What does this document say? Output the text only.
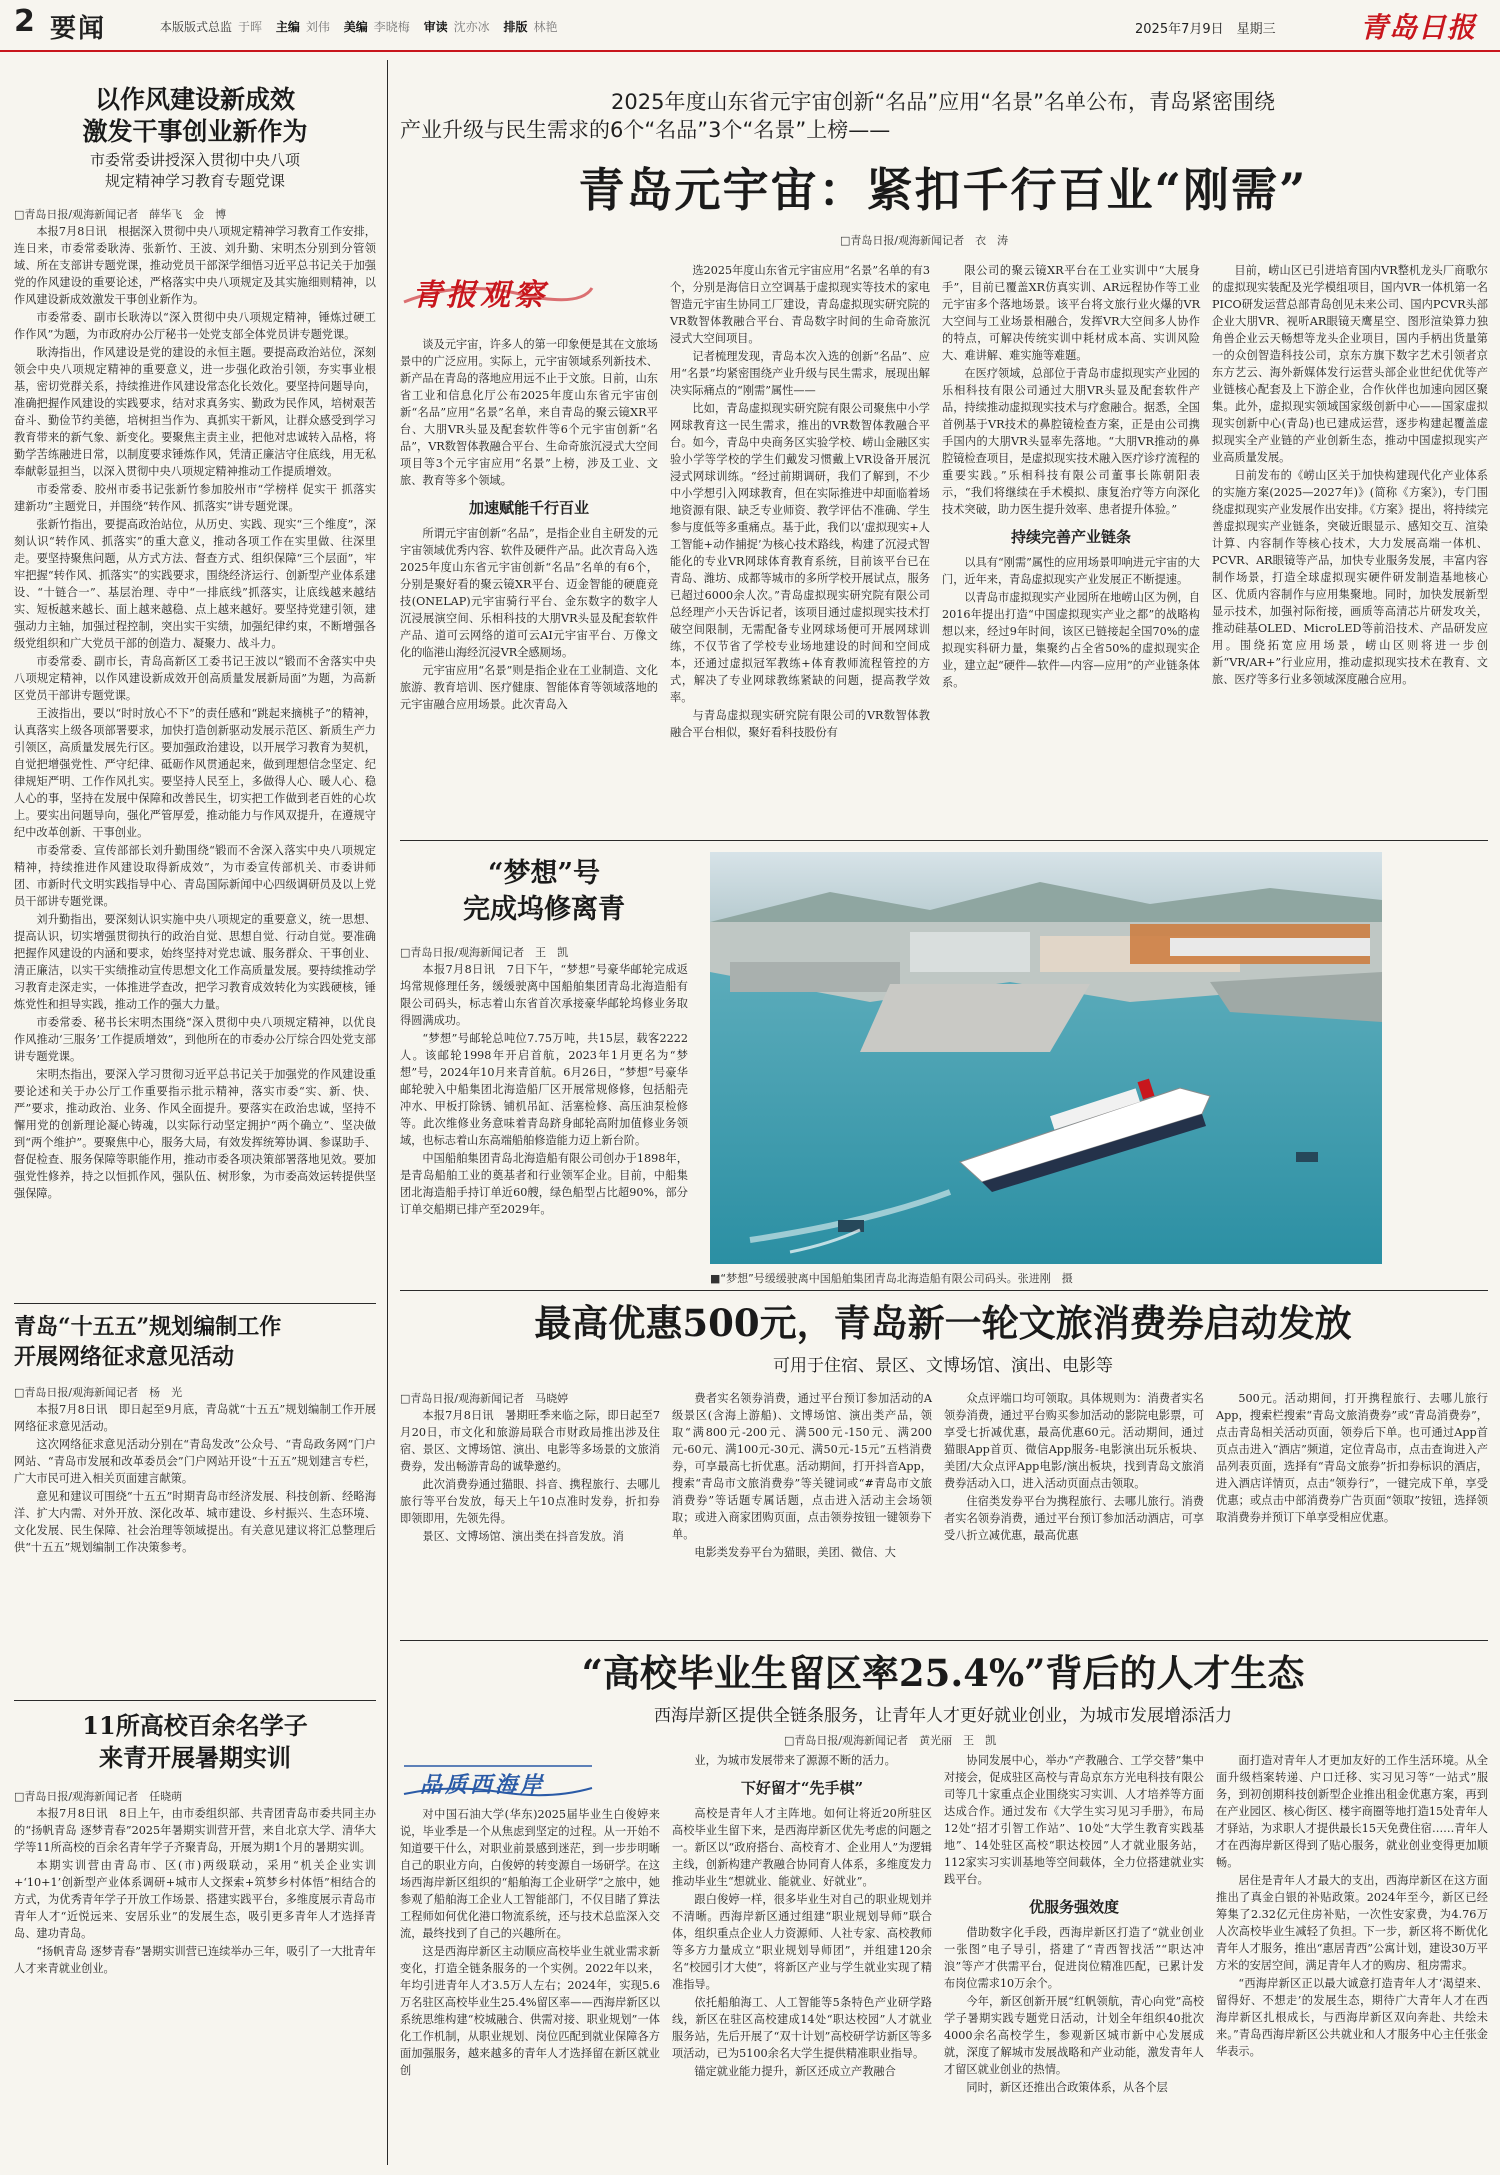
2 要闻	本版版式总监 于晖 主编 刘伟 美编 李晓梅 审读 沈亦冰 排版 林艳	2025年7月9日　 星期三	青岛日报
以作风建设新成效
激发干事创业新作为
市委常委讲授深入贯彻中央八项
规定精神学习教育专题党课
□青岛日报/观海新闻记者　薛华飞　金　博
本报7月8日讯　根据深入贯彻中央八项规定精神学习教育工作安排，连日来，市委常委耿涛、张新竹、王波、刘升勤、宋明杰分别到分管领域、所在支部讲专题党课，推动党员干部深学细悟习近平总书记关于加强党的作风建设的重要论述，严格落实中央八项规定及其实施细则精神，以作风建设新成效激发干事创业新作为。
市委常委、副市长耿涛以“深入贯彻中央八项规定精神，锤炼过硬工作作风”为题，为市政府办公厅秘书一处党支部全体党员讲专题党课。
耿涛指出，作风建设是党的建设的永恒主题。要提高政治站位，深刻领会中央八项规定精神的重要意义，进一步强化政治引领，夯实事业根基，密切党群关系，持续推进作风建设常态化长效化。要坚持问题导向，准确把握作风建设的实践要求，结对求真务实、勤政为民作风，培树艰苦奋斗、勤俭节约美德，培树担当作为、真抓实干新风，让群众感受到学习教育带来的新气象、新变化。要聚焦主责主业，把他对忠诚转入品格，将勤学苦练融进日常，以制度要求锤炼作风，凭清正廉洁守住底线，用无私奉献彰显担当，以深入贯彻中央八项规定精神推动工作提质增效。
市委常委、胶州市委书记张新竹参加胶州市“学榜样 促实干 抓落实 建新功”主题党日，并围绕“转作风、抓落实”讲专题党课。
张新竹指出，要提高政治站位，从历史、实践、现实“三个维度”，深刻认识“转作风、抓落实”的重大意义，推动各项工作在实里做、往深里走。要坚持聚焦问题，从方式方法、督查方式、组织保障“三个层面”，牢牢把握“转作风、抓落实”的实践要求，围绕经济运行、创新型产业体系建设、“十链合一”、基层治理、寺中“一排底线”抓落实，让底线越来越结实、短板越来越长、面上越来越稳、点上越来越好。要坚持党建引领，建强动力主轴，加强过程控制，突出实干实绩，加强纪律约束，不断增强各级党组织和广大党员干部的创造力、凝聚力、战斗力。
市委常委、副市长，青岛高新区工委书记王波以“锻而不舍落实中央八项规定精神，以作风建设新成效开创高质量发展新局面”为题，为高新区党员干部讲专题党课。
王波指出，要以“时时放心不下”的责任感和“跳起来摘桃子”的精神，认真落实上级各项部署要求，加快打造创新驱动发展示范区、新质生产力引领区，高质量发展先行区。要加强政治建设，以开展学习教育为契机，自觉把增强党性、严守纪律、砥砺作风贯通起来，做到理想信念坚定、纪律规矩严明、工作作风扎实。要坚持人民至上，多做得人心、暖人心、稳人心的事，坚持在发展中保障和改善民生，切实把工作做到老百姓的心坎上。要实出问题导向，强化严管厚爱，推动能力与作风双提升，在遵规守纪中改革创新、干事创业。
市委常委、宣传部部长刘升勤围绕“锻而不舍深入落实中央八项规定精神，持续推进作风建设取得新成效”，为市委宣传部机关、市委讲师团、市新时代文明实践指导中心、青岛国际新闻中心四级调研员及以上党员干部讲专题党课。
刘升勤指出，要深刻认识实施中央八项规定的重要意义，统一思想、提高认识，切实增强贯彻执行的政治自觉、思想自觉、行动自觉。要准确把握作风建设的内涵和要求，始终坚持对党忠诚、服务群众、干事创业、清正廉洁，以实干实绩推动宣传思想文化工作高质量发展。要持续推动学习教育走深走实，一体推进学查改，把学习教育成效转化为实践硬核，锤炼党性和担导实践，推动工作的强大力量。
市委常委、秘书长宋明杰围绕“深入贯彻中央八项规定精神，以优良作风推动‘三服务’工作提质增效”，到他所在的市委办公厅综合四处党支部讲专题党课。
宋明杰指出，要深入学习贯彻习近平总书记关于加强党的作风建设重要论述和关于办公厅工作重要指示批示精神，落实市委“实、新、快、严”要求，推动政治、业务、作风全面提升。要落实在政治忠诚，坚持不懈用党的创新理论凝心铸魂，以实际行动坚定拥护“两个确立”、坚决做到“两个维护”。要聚焦中心，服务大局，有效发挥统筹协调、参谋助手、督促检查、服务保障等职能作用，推动市委各项决策部署落地见效。要加强党性修养，持之以恒抓作风，强队伍、树形象，为市委高效运转提供坚强保障。
青岛“十五五”规划编制工作
开展网络征求意见活动
□青岛日报/观海新闻记者　杨　光
本报7月8日讯　即日起至9月底，青岛就“十五五”规划编制工作开展网络征求意见活动。
这次网络征求意见活动分别在“青岛发改”公众号、“青岛政务网”门户网站、“青岛市发展和改革委员会”门户网站开设“十五五”规划建言专栏，广大市民可进入相关页面建言献策。
意见和建议可围绕“十五五”时期青岛市经济发展、科技创新、经略海洋、扩大内需、对外开放、深化改革、城市建设、乡村振兴、生态环境、文化发展、民生保障、社会治理等领域提出。有关意见建议将汇总整理后供“十五五”规划编制工作决策参考。
11所高校百余名学子
来青开展暑期实训
□青岛日报/观海新闻记者　任晓萌
本报7月8日讯　8日上午，由市委组织部、共青团青岛市委共同主办的“扬帆青岛 逐梦青春”2025年暑期实训营开营，来自北京大学、清华大学等11所高校的百余名青年学子齐聚青岛，开展为期1个月的暑期实训。
本期实训营由青岛市、区(市)两级联动，采用“机关企业实训+‘10+1’创新型产业体系调研+城市人文探索+筑梦乡村体悟”相结合的方式，为优秀青年学子开放工作场景、搭建实践平台，多维度展示青岛市青年人才“近悦远来、安居乐业”的发展生态，吸引更多青年人才选择青岛、建功青岛。
“扬帆青岛 逐梦青春”暑期实训营已连续举办三年，吸引了一大批青年人才来青就业创业。
2025年度山东省元宇宙创新“名品”应用“名景”名单公布，青岛紧密围绕
产业升级与民生需求的6个“名品”3个“名景”上榜——
青岛元宇宙：紧扣千行百业“刚需”
□青岛日报/观海新闻记者　衣　涛
青报观察
谈及元宇宙，许多人的第一印象便是其在文旅场景中的广泛应用。实际上，元宇宙领域系列新技术、新产品在青岛的落地应用远不止于文旅。日前，山东省工业和信息化厅公布2025年度山东省元宇宙创新“名品”应用“名景”名单，来自青岛的聚云镜XR平台、大朋VR头显及配套软件等6个元宇宙创新“名品”，VR数智体教融合平台、生命奇旅沉浸式大空间项目等3个元宇宙应用“名景”上榜，涉及工业、文旅、教育等多个领域。
加速赋能千行百业
所谓元宇宙创新“名品”，是指企业自主研发的元宇宙领域优秀内容、软件及硬件产品。此次青岛入选2025年度山东省元宇宙创新“名品”名单的有6个，分别是聚好看的聚云镜XR平台、迈金智能的硬鹿竞技(ONELAP)元宇宙骑行平台、金东数字的数字人沉浸展演空间、乐相科技的大朋VR头显及配套软件产品、道可云网络的道可云AI元宇宙平台、万像文化的临港山海经沉浸VR全感厕场。
元宇宙应用“名景”则是指企业在工业制造、文化旅游、教育培训、医疗健康、智能体育等领域落地的元宇宙融合应用场景。此次青岛入
选2025年度山东省元宇宙应用“名景”名单的有3个，分别是海信日立空调基于虚拟现实等技术的家电智造元宇宙生协同工厂建设，青岛虚拟现实研究院的VR数智体教融合平台、青岛数字时间的生命奇旅沉浸式大空间项目。
记者梳理发现，青岛本次入选的创新“名品”、应用“名景”均紧密围绕产业升级与民生需求，展现出解决实际痛点的“刚需”属性——
比如，青岛虚拟现实研究院有限公司聚焦中小学网球教育这一民生需求，推出的VR数智体教融合平台。如今，青岛中央商务区实验学校、崂山金融区实验小学等学校的学生们戴发习惯戴上VR设备开展沉浸式网球训练。“经过前期调研，我们了解到，不少中小学想引入网球教育，但在实际推进中却面临着场地资源有限、缺乏专业师资、教学评估不准确、学生参与度低等多重痛点。基于此，我们以‘虚拟现实+人工智能+动作捕捉’为核心技术路线，构建了沉浸式智能化的专业VR网球体育教育系统，目前该平台已在青岛、潍坊、成都等城市的多所学校开展试点，服务已超过6000余人次。”青岛虚拟现实研究院有限公司总经理产小天告诉记者，该项目通过虚拟现实技术打破空间限制，无需配备专业网球场便可开展网球训练，不仅节省了学校专业场地建设的时间和空间成本，还通过虚拟冠军教练+体育教师流程管控的方式，解决了专业网球教练紧缺的问题，提高教学效率。
与青岛虚拟现实研究院有限公司的VR数智体教融合平台相似，聚好看科技股份有
限公司的聚云镜XR平台在工业实训中“大展身手”，目前已覆盖XR仿真实训、AR远程协作等工业元宇宙多个落地场景。该平台将文旅行业火爆的VR大空间与工业场景相融合，发挥VR大空间多人协作的特点，可解决传统实训中耗材成本高、实训风险大、难讲解、难实施等难题。
在医疗领域，总部位于青岛市虚拟现实产业园的乐相科技有限公司通过大朋VR头显及配套软件产品，持续推动虚拟现实技术与疗愈融合。据悉，全国首例基于VR技术的鼻腔镜检查方案，正是由公司携手国内的大朋VR头显率先落地。“大朋VR推动的鼻腔镜检查项目，是虚拟现实技术融入医疗诊疗流程的重要实践。”乐相科技有限公司董事长陈朝阳表示，“我们将继续在手术模拟、康复治疗等方向深化技术突破，助力医生提升效率、患者提升体验。”
持续完善产业链条
以具有“刚需”属性的应用场景叩响进元宇宙的大门，近年来，青岛虚拟现实产业发展正不断提速。
以青岛市虚拟现实产业园所在地崂山区为例，自2016年提出打造“中国虚拟现实产业之都”的战略构想以来，经过9年时间，该区已链接起全国70%的虚拟现实科研力量，集聚约占全省50%的虚拟现实企业，建立起“硬件—软件—内容—应用”的产业链条体系。
目前，崂山区已引进培育国内VR整机龙头厂商歌尔的虚拟现实装配及光学模组项目，国内VR一体机第一名PICO研发运营总部青岛创见未来公司、国内PCVR头部企业大朋VR、视听AR眼镜天鹰星空、图形渲染算力独角兽企业云天畅想等龙头企业项目，国内手柄出货量第一的众创智造科技公司，京东方旗下数字艺术引领者京东方艺云、海外新媒体发行运营头部企业世纪优优等产业链核心配套及上下游企业，合作伙伴也加速向园区聚集。此外，虚拟现实领域国家级创新中心——国家虚拟现实创新中心(青岛)也已建成运营，逐步构建起覆盖虚拟现实全产业链的产业创新生态，推动中国虚拟现实产业高质量发展。
日前发布的《崂山区关于加快构建现代化产业体系的实施方案(2025—2027年)》(简称《方案》)，专门围绕虚拟现实产业发展作出安排。《方案》提出，将持续完善虚拟现实产业链条，突破近眼显示、感知交互、渲染计算、内容制作等核心技术，大力发展高端一体机、PCVR、AR眼镜等产品，加快专业服务发展，丰富内容制作场景，打造全球虚拟现实硬件研发制造基地核心区、优质内容制作与应用集聚地。同时，加快发展新型显示技术，加强衬际衔接，画质等高清芯片研发攻关，推动硅基OLED、MicroLED等前沿技术、产品研发应用。围绕拓宽应用场景，崂山区则将进一步创新“VR/AR+”行业应用，推动虚拟现实技术在教育、文旅、医疗等多行业多领域深度融合应用。
“梦想”号
完成坞修离青
□青岛日报/观海新闻记者　王　凯
本报7月8日讯　7日下午，“梦想”号豪华邮轮完成返坞常规修理任务，缓缓驶离中国船舶集团青岛北海造船有限公司码头，标志着山东省首次承接豪华邮轮坞修业务取得圆满成功。
“梦想”号邮轮总吨位7.75万吨，共15层，载客2222人。该邮轮1998年开启首航，2023年1月更名为“梦想”号，2024年10月来青首航。6月26日，“梦想”号豪华邮轮驶入中船集团北海造船厂区开展常规修修，包括船壳冲水、甲板打除锈、铺机吊缸、活塞检修、高压油泵检修等。此次维修业务意味着青岛跻身邮轮高附加值修业务领域，也标志着山东高端船舶修造能力迈上新台阶。
中国船舶集团青岛北海造船有限公司创办于1898年，是青岛船舶工业的奠基者和行业领军企业。目前，中船集团北海造船手持订单近60艘，绿色船型占比超90%，部分订单交船期已排产至2029年。
■“梦想”号缓缓驶离中国船舶集团青岛北海造船有限公司码头。张进刚　摄
最高优惠500元，青岛新一轮文旅消费券启动发放
可用于住宿、景区、文博场馆、演出、电影等
□青岛日报/观海新闻记者　马晓婷
本报7月8日讯　暑期旺季来临之际，即日起至7月20日，市文化和旅游局联合市财政局推出涉及住宿、景区、文博场馆、演出、电影等多场景的文旅消费券，发出畅游青岛的诚挚邀约。
此次消费券通过猫眼、抖音、携程旅行、去哪儿旅行等平台发放，每天上午10点准时发券，折扣券即领即用，先领先得。
景区、文博场馆、演出类在抖音发放。消
费者实名领券消费，通过平台预订参加活动的A级景区(含海上游船)、文博场馆、演出类产品，领取“满800元-200元、满500元-150元、满200元-60元、满100元-30元、满50元-15元”五档消费券，可享最高七折优惠。活动期间，打开抖音App，搜索“青岛市文旅消费券”等关键词或“#青岛市文旅消费券”等话题专属话题，点击进入活动主会场领取；或进入商家团购页面，点击领券按钮一键领券下单。
电影类发券平台为猫眼，美团、微信、大
众点评端口均可领取。具体规则为：消费者实名领券消费，通过平台购买参加活动的影院电影票，可享受七折减优惠，最高优惠60元。活动期间，通过猫眼App首页、微信App服务-电影演出玩乐板块、美团/大众点评App电影/演出板块，找到青岛文旅消费券活动入口，进入活动页面点击领取。
住宿类发券平台为携程旅行、去哪儿旅行。消费者实名领券消费，通过平台预订参加活动酒店，可享受八折立减优惠，最高优惠
500元。活动期间，打开携程旅行、去哪儿旅行App，搜索栏搜索“青岛文旅消费券”或“青岛消费券”，点击青岛相关活动页面，领券后下单。也可通过App首页点击进入“酒店”频道，定位青岛市，点击查询进入产品列表页面，选择有“青岛文旅券”折扣券标识的酒店，进入酒店详情页，点击“领券行”，一键完成下单，享受优惠；或点击中部消费券广告页面“领取”按钮，选择领取消费券并预订下单享受相应优惠。
“高校毕业生留区率25.4%”背后的人才生态
西海岸新区提供全链条服务，让青年人才更好就业创业，为城市发展增添活力
□青岛日报/观海新闻记者　黄光丽　王　凯
品质西海岸
对中国石油大学(华东)2025届毕业生白俊婷来说，毕业季是一个从焦虑到坚定的过程。从一开始不知道要干什么，对职业前景感到迷茫，到一步步明晰自己的职业方向，白俊婷的转变源自一场研学。在这场西海岸新区组织的“船舶海工企业研学”之旅中，她参观了船舶海工企业人工智能部门，不仅目睹了算法工程师如何优化港口物流系统，还与技术总监深入交流，最终找到了自己的兴趣所在。
这是西海岸新区主动顺应高校毕业生就业需求新变化，打造全链条服务的一个实例。2022年以来，年均引进青年人才3.5万人左右；2024年，实现5.6万名驻区高校毕业生25.4%留区率——西海岸新区以系统思维构建“校城融合、供需对接、职业规划”一体化工作机制，从职业规划、岗位匹配到就业保障各方面加强服务，越来越多的青年人才选择留在新区就业创
业，为城市发展带来了源源不断的活力。
下好留才“先手棋”
高校是青年人才主阵地。如何让将近20所驻区高校毕业生留下来，是西海岸新区优先考虑的问题之一。新区以“政府搭台、高校育才、企业用人”为逻辑主线，创新构建产教融合协同育人体系，多维度发力推动毕业生“想就业、能就业、好就业”。
跟白俊婷一样，很多毕业生对自己的职业规划并不清晰。西海岸新区通过组建“职业规划导师”联合体，组织重点企业人力资源师、人社专家、高校教师等多方力量成立“职业规划导师团”，并组建120余名“校园引才大使”，将新区产业与学生就业实现了精准指导。
依托船舶海工、人工智能等5条特色产业研学路线，新区在驻区高校建成14处“职达校园”人才就业服务站，先后开展了“双十计划”高校研学访新区等多项活动，已为5100余名大学生提供精准职业指导。
锚定就业能力提升，新区还成立产教融合
协同发展中心，举办“产教融合、工学交替”集中对接会，促成驻区高校与青岛京东方光电科技有限公司等几十家重点企业围绕实习实训、人才培养等方面达成合作。通过发布《大学生实习见习手册》，布局12处“招才引智工作站”、10处“大学生教育实践基地”、14处驻区高校“职达校园”人才就业服务站，112家实习实训基地等空间载体，全力位搭建就业实践平台。
优服务强效度
借助数字化手段，西海岸新区打造了“就业创业一张图”电子导引，搭建了“青西智找活”“职达冲浪”等产才供需平台，促进岗位精准匹配，已累计发布岗位需求10万余个。
今年，新区创新开展“红帆领航，青心向党”高校学子暑期实践专题党日活动，计划全年组织40批次4000余名高校学生，参观新区城市新中心发展成就，深度了解城市发展战略和产业动能，激发青年人才留区就业创业的热情。
同时，新区还推出合政策体系，从各个层
面打造对青年人才更加友好的工作生活环境。从全面升级档案转递、户口迁移、实习见习等“一站式”服务，到初创期科技创新型企业推出租金优惠方案，再到在产业园区、核心街区、楼宇商圈等地打造15处青年人才驿站，为求职人才提供最长15天免费住宿……青年人才在西海岸新区得到了贴心服务，就业创业变得更加顺畅。
居住是青年人才最大的支出，西海岸新区在这方面推出了真金白银的补贴政策。2024年至今，新区已经筹集了2.32亿元住房补贴，一次性安家费，为4.76万人次高校毕业生减轻了负担。下一步，新区将不断优化青年人才服务，推出“惠居青西”公寓计划，建设30万平方米的安居空间，满足青年人才的购房、租房需求。
“西海岸新区正以最大诚意打造青年人才‘渴望来、留得好、不想走’的发展生态，期待广大青年人才在西海岸新区扎根成长，与西海岸新区双向奔赴、共绘未来。”青岛西海岸新区公共就业和人才服务中心主任张金华表示。
